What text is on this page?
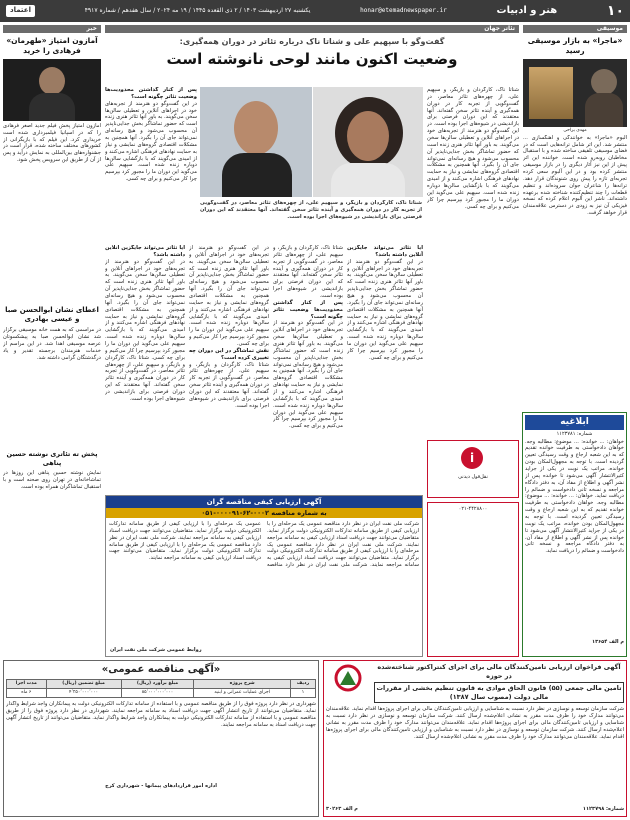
۱۰
هنر و ادبیات
honar@etemadnewspaper.ir
یکشنبه ۲۷ اردیبهشت ۱۴۰۳ / ۲ ذی القعده ۱۴۴۵ / ۱۹ مه ۲۰۲۴ / سال هفدهم / شماره ۴۹۱۷
اعتماد
موسیقی
«ماجرا» به بازار موسیقی رسید
مهدی یراحی
آلبوم «ماجرا» به خوانندگی و آهنگسازی ... منتشر شد. این اثر شامل ترانه‌هایی است که در فضای موسیقی تلفیقی ساخته شده و با استقبال مخاطبان روبه‌رو شده است. خواننده این اثر پیش از این نیز آثار دیگری را در بازار موسیقی منتشر کرده بود و در این آلبوم سعی کرده تجربه‌ای تازه را پیش روی شنوندگان قرار دهد. ترانه‌ها را شاعران جوان سروده‌اند و تنظیم قطعات را چند تنظیم‌کننده شناخته شده برعهده داشته‌اند. ناشر این آلبوم اعلام کرده که نسخه فیزیکی آن نیز به زودی در دسترس علاقه‌مندان قرار خواهد گرفت.
خبر
آمازون امتیاز «طهرمان» فرهادی را خرید
آمازون امتیاز پخش فیلم جدید اصغر فرهادی را که در اسپانیا فیلمبرداری شده است خریداری کرد. این فیلم که با بازیگرانی از کشورهای مختلف ساخته شده، قرار است در جشنواره‌های بین‌المللی به نمایش درآید و پس از آن از طریق این سرویس پخش شود.
اعطای نشان ابوالحسن صبا و عیسی بهادری
در مراسمی که به همت خانه موسیقی برگزار شد نشان ابوالحسن صبا به پیشکسوتان عرصه موسیقی اهدا شد. در این مراسم از خدمات هنرمندان برجسته تقدیر و یاد درگذشتگان گرامی داشته شد.
پخش ته تئاتری نوشته حسین پناهی
نمایش نوشته حسین پناهی این روزها در تماشاخانه‌ای در تهران روی صحنه است و با استقبال تماشاگران همراه بوده است.
تئاتر جهان
گفت‌وگو با سپهیم علی و شناتا ناک درباره تئاتر در دوران همه‌گیری:
وضعیت اکنون مانند لوحی نانوشته است
شناتا ناک، کارگردان و بازیگر، و سپهیم علی، از چهره‌های تئاتر معاصر، در گفت‌وگویی از تجربه کار در دوران همه‌گیری و آینده تئاتر سخن گفته‌اند. آنها معتقدند که این دوران فرصتی برای بازاندیشی در شیوه‌های اجرا بوده است. در این گفت‌وگو دو هنرمند از تجربه‌های خود در اجراهای آنلاین و تعطیلی سالن‌ها سخن می‌گویند. به باور آنها تئاتر هنری زنده است که حضور تماشاگر بخش جدایی‌ناپذیر آن محسوب می‌شود و هیچ رسانه‌ای نمی‌تواند جای آن را بگیرد. آنها همچنین به مشکلات اقتصادی گروه‌های نمایشی و نیاز به حمایت نهادهای فرهنگی اشاره می‌کنند و از امیدی می‌گویند که با بازگشایی سالن‌ها دوباره زنده شده است. سپهیم علی می‌گوید این دوران ما را مجبور کرد بپرسیم چرا کار می‌کنیم و برای چه کسی.
پس از کنار گذاشتن محدودیت‌ها وضعیت تئاتر چگونه است؟
در این گفت‌وگو دو هنرمند از تجربه‌های خود در اجراهای آنلاین و تعطیلی سالن‌ها سخن می‌گویند. به باور آنها تئاتر هنری زنده است که حضور تماشاگر بخش جدایی‌ناپذیر آن محسوب می‌شود و هیچ رسانه‌ای نمی‌تواند جای آن را بگیرد. آنها همچنین به مشکلات اقتصادی گروه‌های نمایشی و نیاز به حمایت نهادهای فرهنگی اشاره می‌کنند و از امیدی می‌گویند که با بازگشایی سالن‌ها دوباره زنده شده است. سپهیم علی می‌گوید این دوران ما را مجبور کرد بپرسیم چرا کار می‌کنیم و برای چه کسی.
شناتا ناک، کارگردان و بازیگر، و سپهیم علی، از چهره‌های تئاتر معاصر، در گفت‌وگویی از تجربه کار در دوران همه‌گیری و آینده تئاتر سخن گفته‌اند. آنها معتقدند که این دوران فرصتی برای بازاندیشی در شیوه‌های اجرا بوده است.
آیا تئاتر می‌تواند جایگزین آنلاین داشته باشد؟
در این گفت‌وگو دو هنرمند از تجربه‌های خود در اجراهای آنلاین و تعطیلی سالن‌ها سخن می‌گویند. به باور آنها تئاتر هنری زنده است که حضور تماشاگر بخش جدایی‌ناپذیر آن محسوب می‌شود و هیچ رسانه‌ای نمی‌تواند جای آن را بگیرد. آنها همچنین به مشکلات اقتصادی گروه‌های نمایشی و نیاز به حمایت نهادهای فرهنگی اشاره می‌کنند و از امیدی می‌گویند که با بازگشایی سالن‌ها دوباره زنده شده است. سپهیم علی می‌گوید این دوران ما را مجبور کرد بپرسیم چرا کار می‌کنیم و برای چه کسی. شناتا ناک، کارگردان و بازیگر، و سپهیم علی، از چهره‌های تئاتر معاصر، در گفت‌وگویی از تجربه کار در دوران همه‌گیری و آینده تئاتر سخن گفته‌اند. آنها معتقدند که این دوران فرصتی برای بازاندیشی در شیوه‌های اجرا بوده است.
در این گفت‌وگو دو هنرمند از تجربه‌های خود در اجراهای آنلاین و تعطیلی سالن‌ها سخن می‌گویند. به باور آنها تئاتر هنری زنده است که حضور تماشاگر بخش جدایی‌ناپذیر آن محسوب می‌شود و هیچ رسانه‌ای نمی‌تواند جای آن را بگیرد. آنها همچنین به مشکلات اقتصادی گروه‌های نمایشی و نیاز به حمایت نهادهای فرهنگی اشاره می‌کنند و از امیدی می‌گویند که با بازگشایی سالن‌ها دوباره زنده شده است. سپهیم علی می‌گوید این دوران ما را مجبور کرد بپرسیم چرا کار می‌کنیم و برای چه کسی.
نقش تماشاگر در این دوران چه تغییری کرده است؟
شناتا ناک، کارگردان و بازیگر، و سپهیم علی، از چهره‌های تئاتر معاصر، در گفت‌وگویی از تجربه کار در دوران همه‌گیری و آینده تئاتر سخن گفته‌اند. آنها معتقدند که این دوران فرصتی برای بازاندیشی در شیوه‌های اجرا بوده است.
شناتا ناک، کارگردان و بازیگر، و سپهیم علی، از چهره‌های تئاتر معاصر، در گفت‌وگویی از تجربه کار در دوران همه‌گیری و آینده تئاتر سخن گفته‌اند. آنها معتقدند که این دوران فرصتی برای بازاندیشی در شیوه‌های اجرا بوده است.
پس از کنار گذاشتن محدودیت‌ها وضعیت تئاتر چگونه است؟
در این گفت‌وگو دو هنرمند از تجربه‌های خود در اجراهای آنلاین و تعطیلی سالن‌ها سخن می‌گویند. به باور آنها تئاتر هنری زنده است که حضور تماشاگر بخش جدایی‌ناپذیر آن محسوب می‌شود و هیچ رسانه‌ای نمی‌تواند جای آن را بگیرد. آنها همچنین به مشکلات اقتصادی گروه‌های نمایشی و نیاز به حمایت نهادهای فرهنگی اشاره می‌کنند و از امیدی می‌گویند که با بازگشایی سالن‌ها دوباره زنده شده است. سپهیم علی می‌گوید این دوران ما را مجبور کرد بپرسیم چرا کار می‌کنیم و برای چه کسی.
آیا تئاتر می‌تواند جایگزین آنلاین داشته باشد؟
در این گفت‌وگو دو هنرمند از تجربه‌های خود در اجراهای آنلاین و تعطیلی سالن‌ها سخن می‌گویند. به باور آنها تئاتر هنری زنده است که حضور تماشاگر بخش جدایی‌ناپذیر آن محسوب می‌شود و هیچ رسانه‌ای نمی‌تواند جای آن را بگیرد. آنها همچنین به مشکلات اقتصادی گروه‌های نمایشی و نیاز به حمایت نهادهای فرهنگی اشاره می‌کنند و از امیدی می‌گویند که با بازگشایی سالن‌ها دوباره زنده شده است. سپهیم علی می‌گوید این دوران ما را مجبور کرد بپرسیم چرا کار می‌کنیم و برای چه کسی.
i
نقل‌قول دیدنی
آگهی ارزیابی کیفی مناقصه گران
به شماره مناقصه ۰۰۰۲-۶۲-۰۰۰۰۹۱-۰۵۱
شرکت ملی نفت ایران در نظر دارد مناقصه عمومی یک مرحله‌ای را با ارزیابی کیفی از طریق سامانه تدارکات الکترونیکی دولت برگزار نماید. متقاضیان می‌توانند جهت دریافت اسناد ارزیابی کیفی به سامانه مراجعه نمایند. شرکت ملی نفت ایران در نظر دارد مناقصه عمومی یک مرحله‌ای را با ارزیابی کیفی از طریق سامانه تدارکات الکترونیکی دولت برگزار نماید. متقاضیان می‌توانند جهت دریافت اسناد ارزیابی کیفی به سامانه مراجعه نمایند. شرکت ملی نفت ایران در نظر دارد مناقصه عمومی یک مرحله‌ای را با ارزیابی کیفی از طریق سامانه تدارکات الکترونیکی دولت برگزار نماید. متقاضیان می‌توانند جهت دریافت اسناد ارزیابی کیفی به سامانه مراجعه نمایند. شرکت ملی نفت ایران در نظر دارد مناقصه عمومی یک مرحله‌ای را با ارزیابی کیفی از طریق سامانه تدارکات الکترونیکی دولت برگزار نماید. متقاضیان می‌توانند جهت دریافت اسناد ارزیابی کیفی به سامانه مراجعه نمایند.
روابط عمومی شرکت ملی نفت ایران
۰۲۱-۴۴۲۸۸۰۰
ابلاغیه
شماره: ۱۱۲۳۷۸۱
خواهان: ... خوانده: ... موضوع: مطالبه وجه. خواهان دادخواستی به طرفیت خوانده تقدیم که به این شعبه ارجاع و وقت رسیدگی تعیین گردیده است. با توجه به مجهول‌المکان بودن خوانده، مراتب یک نوبت در یکی از جراید کثیرالانتشار آگهی می‌شود تا خوانده پس از نشر آگهی و اطلاع از مفاد آن، به دفتر دادگاه مراجعه و نسخه ثانی دادخواست و ضمائم را دریافت نماید. خواهان: ... خوانده: ... موضوع: مطالبه وجه. خواهان دادخواستی به طرفیت خوانده تقدیم که به این شعبه ارجاع و وقت رسیدگی تعیین گردیده است. با توجه به مجهول‌المکان بودن خوانده، مراتب یک نوبت در یکی از جراید کثیرالانتشار آگهی می‌شود تا خوانده پس از نشر آگهی و اطلاع از مفاد آن، به دفتر دادگاه مراجعه و نسخه ثانی دادخواست و ضمائم را دریافت نماید.
م الف ۱۳۶۵۴
«آگهی مناقصه عمومی»
ردیف	شرح پروژه	مبلغ برآورد (ریال)	مبلغ تضمین (ریال)	مدت اجرا
۱	اجرای عملیات عمرانی و ابنیه	۸۵٬۰۰۰٬۰۰۰٬۰۰۰	۴٬۲۵۰٬۰۰۰٬۰۰۰	۶ ماه
شهرداری در نظر دارد پروژه فوق را از طریق مناقصه عمومی و با استفاده از سامانه تدارکات الکترونیکی دولت به پیمانکاران واجد شرایط واگذار نماید. متقاضیان می‌توانند از تاریخ انتشار آگهی جهت دریافت اسناد به سامانه مراجعه نمایند. شهرداری در نظر دارد پروژه فوق را از طریق مناقصه عمومی و با استفاده از سامانه تدارکات الکترونیکی دولت به پیمانکاران واجد شرایط واگذار نماید. متقاضیان می‌توانند از تاریخ انتشار آگهی جهت دریافت اسناد به سامانه مراجعه نمایند.
اداره امور قراردادهای پیمانها - شهرداری کرج
آگهی فراخوان ارزیابی تامین‌کنندگان مالی برای اجرای کنتراکتور شناخته‌شده در حوزه
تامین مالی جمعی (۵۵) قانون الحاق موادی به قانون تنظیم بخشی از مقررات مالی دولت (مصوب سال ۱۳۸۷)
شرکت سازمان توسعه و نوسازی در نظر دارد نسبت به شناسایی و ارزیابی تامین‌کنندگان مالی برای اجرای پروژه‌ها اقدام نماید. علاقه‌مندان می‌توانند مدارک خود را ظرف مدت مقرر به نشانی اعلام‌شده ارسال کنند. شرکت سازمان توسعه و نوسازی در نظر دارد نسبت به شناسایی و ارزیابی تامین‌کنندگان مالی برای اجرای پروژه‌ها اقدام نماید. علاقه‌مندان می‌توانند مدارک خود را ظرف مدت مقرر به نشانی اعلام‌شده ارسال کنند. شرکت سازمان توسعه و نوسازی در نظر دارد نسبت به شناسایی و ارزیابی تامین‌کنندگان مالی برای اجرای پروژه‌ها اقدام نماید. علاقه‌مندان می‌توانند مدارک خود را ظرف مدت مقرر به نشانی اعلام‌شده ارسال کنند.
شماره: ۱۱۲۳۷۹۸
م الف ۳۰۲۶۳
